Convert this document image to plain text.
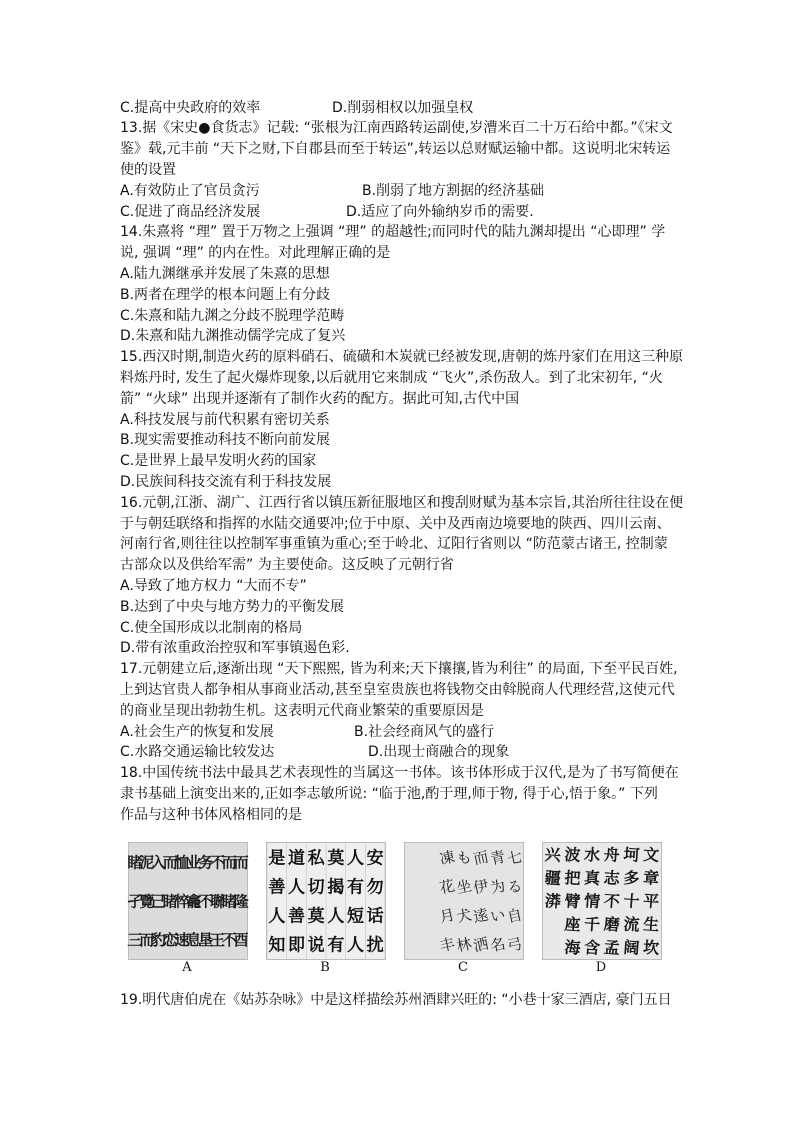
C.提高中央政府的效率	D.削弱相权以加强皇权
13.据《宋史●食货志》记载: “张根为江南西路转运副使,岁漕米百二十万石给中都。”《宋文
鉴》载,元丰前 “天下之财,下自郡县而至于转运”,转运以总财赋运输中都。这说明北宋转运
使的设置
A.有效防止了官员贪污	B.削弱了地方割据的经济基础
C.促进了商品经济发展	D.适应了向外输纳岁币的需要.
14.朱熹将 “理” 置于万物之上强调 “理” 的超越性;而同时代的陆九渊却提出 “心即理” 学
说, 强调 “理” 的内在性。对此理解正确的是
A.陆九渊继承并发展了朱熹的思想
B.两者在理学的根本问题上有分歧
C.朱熹和陆九渊之分歧不脱理学范畴
D.朱熹和陆九渊推动儒学完成了复兴
15.西汉时期,制造火药的原料硝石、硫磺和木炭就已经被发现,唐朝的炼丹家们在用这三种原
料炼丹时, 发生了起火爆炸现象,以后就用它来制成 “飞火”,杀伤敌人。到了北宋初年, “火
箭” “火球” 出现并逐渐有了制作火药的配方。据此可知,古代中国
A.科技发展与前代积累有密切关系
B.现实需要推动科技不断向前发展
C.是世界上最早发明火药的国家
D.民族间科技交流有利于科技发展
16.元朝,江浙、湖广、江西行省以镇压新征服地区和搜刮财赋为基本宗旨,其治所往往设在便
于与朝廷联络和指挥的水陆交通要冲;位于中原、关中及西南边境要地的陕西、四川云南、
河南行省,则往往以控制军事重镇为重心;至于岭北、辽阳行省则以 “防范蒙古诸王, 控制蒙
古部众以及供给军需” 为主要使命。这反映了元朝行省
A.导致了地方权力 “大而不专”
B.达到了中央与地方势力的平衡发展
C.使全国形成以北制南的格局
D.带有浓重政治控驭和军事镇遏色彩.
17.元朝建立后,逐渐出现 “天下熙熙, 皆为利来;天下攘攘,皆为利往” 的局面, 下至平民百姓,
上到达官贵人都争相从事商业活动,甚至皇室贵族也将钱物交由斡脱商人代理经营,这使元代
的商业呈现出勃勃生机。这表明元代商业繁荣的重要原因是
A.社会生产的恢复和发展	B.社会经商风气的盛行
C.水路交通运输比较发达	D.出现士商融合的现象
18.中国传统书法中最具艺术表现性的当属这一书体。该书体形成于汉代,是为了书写简便在
隶书基础上演变出来的,正如李志敏所说: “临于池,酌于理,师于物, 得于心,悟于象。” 下列
作品与这种书体风格相同的是
而
隆
酉
而
睹
不
不
聯
王
务
不
垦
业
龕
息
恤
悴
速
而
睹
恋
入
己
豹
泥
覽
而
睹
孑
三
A
是 道 私 莫 人 安
善 人 切 揭 有 勿
人 善 莫 人 短 话
知 即 说 有 人 扰
B
七
る
自
弓
青
为
い
名
而
伊
逺
洒
も
坐
犬
林
凍
花
月
丰
C
文
章
平
生
坎
坷
多
十
流
阔
舟
志
不
磨
孟
水
真
情
千
含
波
把
臂
座
海
兴
疆
漭
D
19.明代唐伯虎在《姑苏杂咏》中是这样描绘苏州酒肆兴旺的: “小巷十家三酒店, 豪门五日
